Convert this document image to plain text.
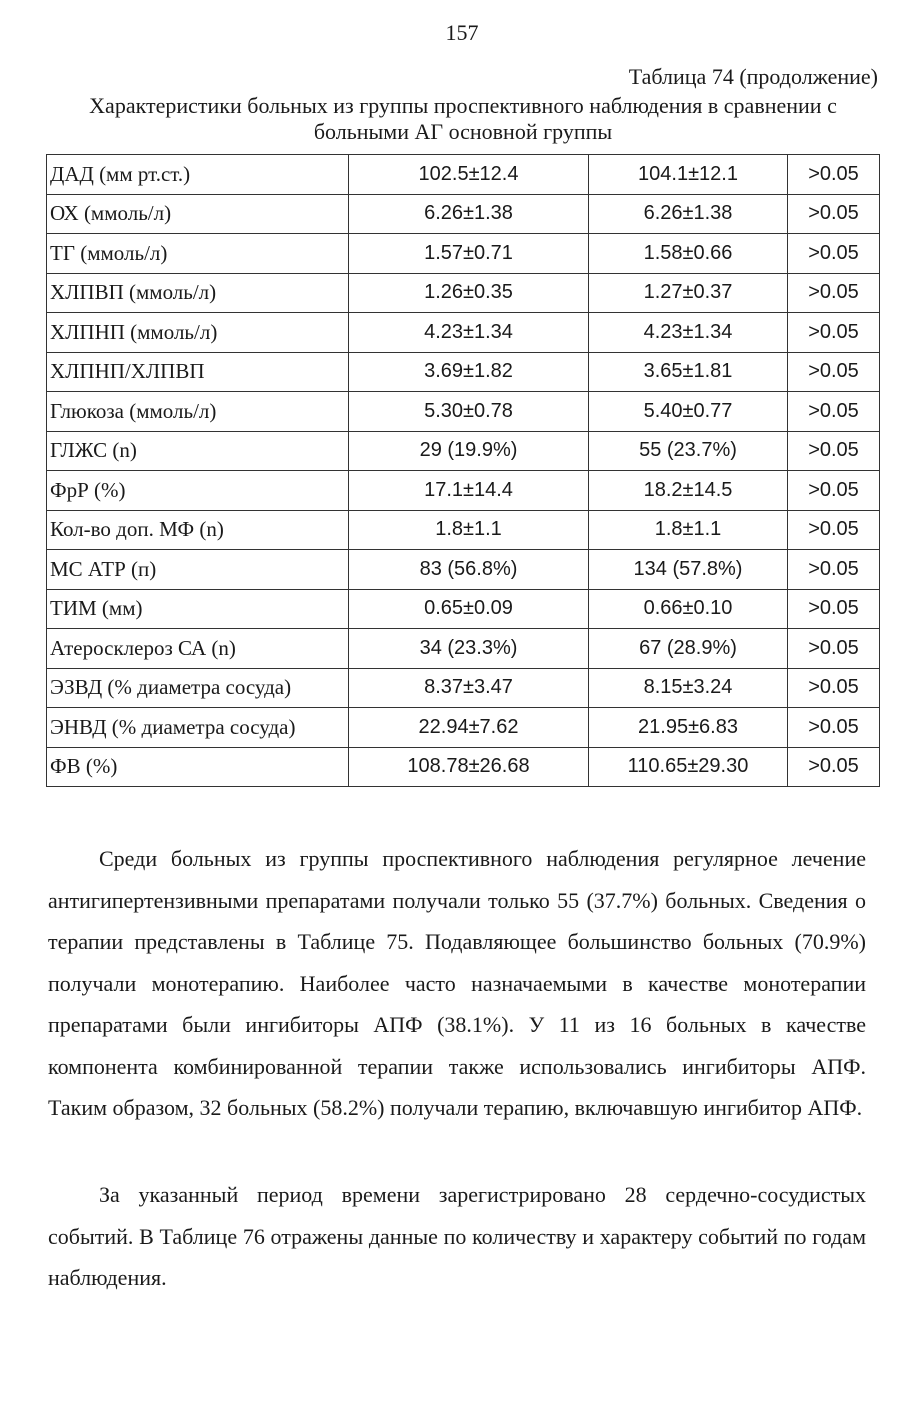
157
Таблица 74 (продолжение)
Характеристики больных из группы проспективного наблюдения в сравнении с больными АГ основной группы
ДАД (мм рт.ст.)	102.5±12.4	104.1±12.1	>0.05
ОХ (ммоль/л)	6.26±1.38	6.26±1.38	>0.05
ТГ (ммоль/л)	1.57±0.71	1.58±0.66	>0.05
ХЛПВП (ммоль/л)	1.26±0.35	1.27±0.37	>0.05
ХЛПНП (ммоль/л)	4.23±1.34	4.23±1.34	>0.05
ХЛПНП/ХЛПВП	3.69±1.82	3.65±1.81	>0.05
Глюкоза (ммоль/л)	5.30±0.78	5.40±0.77	>0.05
ГЛЖС (n)	29 (19.9%)	55 (23.7%)	>0.05
ФрР (%)	17.1±14.4	18.2±14.5	>0.05
Кол-во доп. МФ (n)	1.8±1.1	1.8±1.1	>0.05
МС АТР (п)	83 (56.8%)	134 (57.8%)	>0.05
ТИМ (мм)	0.65±0.09	0.66±0.10	>0.05
Атеросклероз СА (n)	34 (23.3%)	67 (28.9%)	>0.05
ЭЗВД (% диаметра сосуда)	8.37±3.47	8.15±3.24	>0.05
ЭНВД (% диаметра сосуда)	22.94±7.62	21.95±6.83	>0.05
ФВ (%)	108.78±26.68	110.65±29.30	>0.05

Среди больных из группы проспективного наблюдения регулярное лечение антигипертензивными препаратами получали только 55 (37.7%) больных. Сведения о терапии представлены в Таблице 75. Подавляющее большинство больных (70.9%) получали монотерапию. Наиболее часто назначаемыми в качестве монотерапии препаратами были ингибиторы АПФ (38.1%). У 11 из 16 больных в качестве компонента комбинированной терапии также использовались ингибиторы АПФ. Таким образом, 32 больных (58.2%) получали терапию, включавшую ингибитор АПФ.

За указанный период времени зарегистрировано 28 сердечно-сосудистых событий. В Таблице 76 отражены данные по количеству и характеру событий по годам наблюдения.
